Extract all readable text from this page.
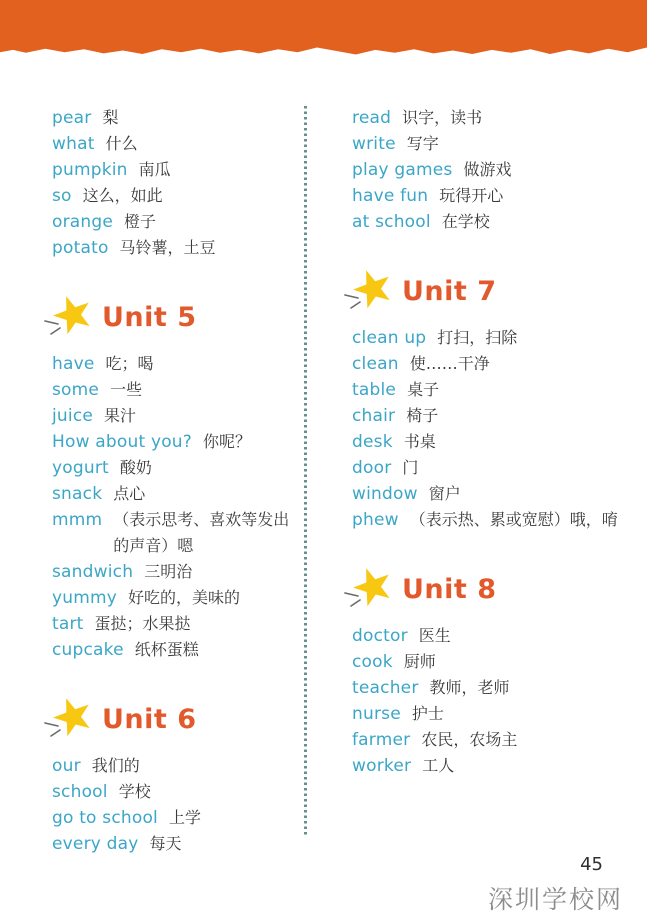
pear 梨
what 什么
pumpkin 南瓜
so 这么，如此
orange 橙子
potato 马铃薯，土豆
Unit 5
have 吃；喝
some 一些
juice 果汁
How about you? 你呢？
yogurt 酸奶
snack 点心
mmm （表示思考、喜欢等发出的声音）嗯
sandwich 三明治
yummy 好吃的，美味的
tart 蛋挞；水果挞
cupcake 纸杯蛋糕
Unit 6
our 我们的
school 学校
go to school 上学
every day 每天
read 识字，读书
write 写字
play games 做游戏
have fun 玩得开心
at school 在学校
Unit 7
clean up 打扫，扫除
clean 使……干净
table 桌子
chair 椅子
desk 书桌
door 门
window 窗户
phew （表示热、累或宽慰）哦，唷
Unit 8
doctor 医生
cook 厨师
teacher 教师，老师
nurse 护士
farmer 农民，农场主
worker 工人
45
深圳学校网
